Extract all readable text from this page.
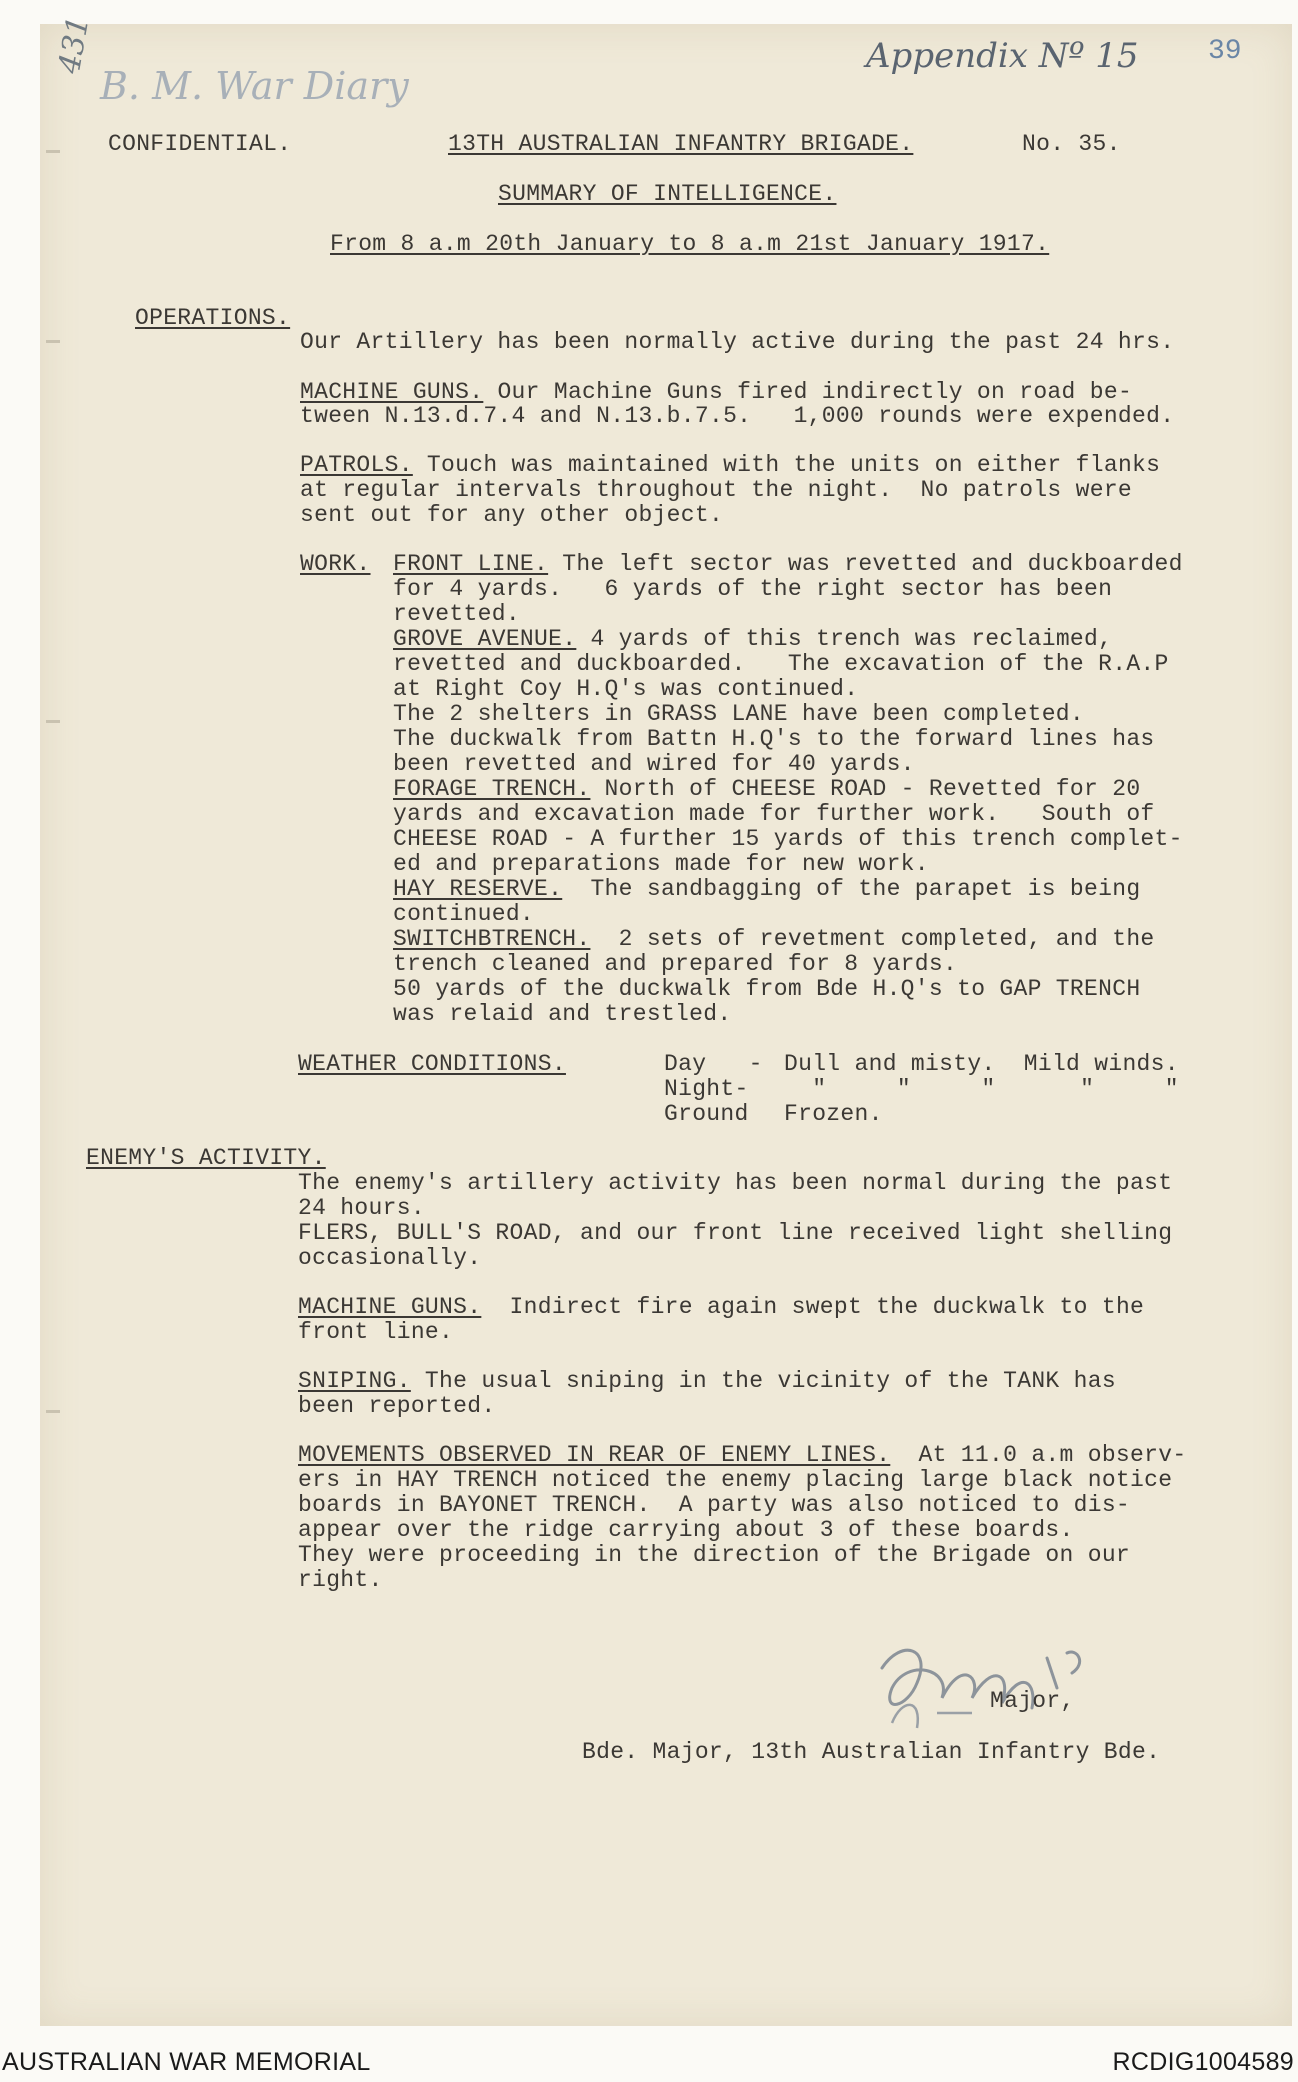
Appendix Nº 15 39
431
B. M. War Diary
CONFIDENTIAL.	13TH AUSTRALIAN INFANTRY BRIGADE.	No. 35.
SUMMARY OF INTELLIGENCE.
From 8 a.m 20th January to 8 a.m 21st January 1917.
OPERATIONS.
Our Artillery has been normally active during the past 24 hrs.
MACHINE GUNS. Our Machine Guns fired indirectly on road be-
tween N.13.d.7.4 and N.13.b.7.5.   1,000 rounds were expended.
PATROLS. Touch was maintained with the units on either flanks
at regular intervals throughout the night.  No patrols were
sent out for any other object.
WORK. FRONT LINE. The left sector was revetted and duckboarded
for 4 yards.   6 yards of the right sector has been
revetted.
GROVE AVENUE. 4 yards of this trench was reclaimed,
revetted and duckboarded.   The excavation of the R.A.P
at Right Coy H.Q's was continued.
The 2 shelters in GRASS LANE have been completed.
The duckwalk from Battn H.Q's to the forward lines has
been revetted and wired for 40 yards.
FORAGE TRENCH. North of CHEESE ROAD - Revetted for 20
yards and excavation made for further work.   South of
CHEESE ROAD - A further 15 yards of this trench complet-
ed and preparations made for new work.
HAY RESERVE.  The sandbagging of the parapet is being
continued.
SWITCHBTRENCH.  2 sets of revetment completed, and the
trench cleaned and prepared for 8 yards.
50 yards of the duckwalk from Bde H.Q's to GAP TRENCH
was relaid and trestled.
WEATHER CONDITIONS.	Day   - Dull and misty.  Mild winds.
Night- "     "     "      "     "
Ground Frozen.
ENEMY'S ACTIVITY.
The enemy's artillery activity has been normal during the past
24 hours.
FLERS, BULL'S ROAD, and our front line received light shelling
occasionally.
MACHINE GUNS.  Indirect fire again swept the duckwalk to the
front line.
SNIPING. The usual sniping in the vicinity of the TANK has
been reported.
MOVEMENTS OBSERVED IN REAR OF ENEMY LINES.  At 11.0 a.m observ-
ers in HAY TRENCH noticed the enemy placing large black notice
boards in BAYONET TRENCH.  A party was also noticed to dis-
appear over the ridge carrying about 3 of these boards.
They were proceeding in the direction of the Brigade on our
right.
Major,
Bde. Major, 13th Australian Infantry Bde.
AUSTRALIAN WAR MEMORIAL	RCDIG1004589
